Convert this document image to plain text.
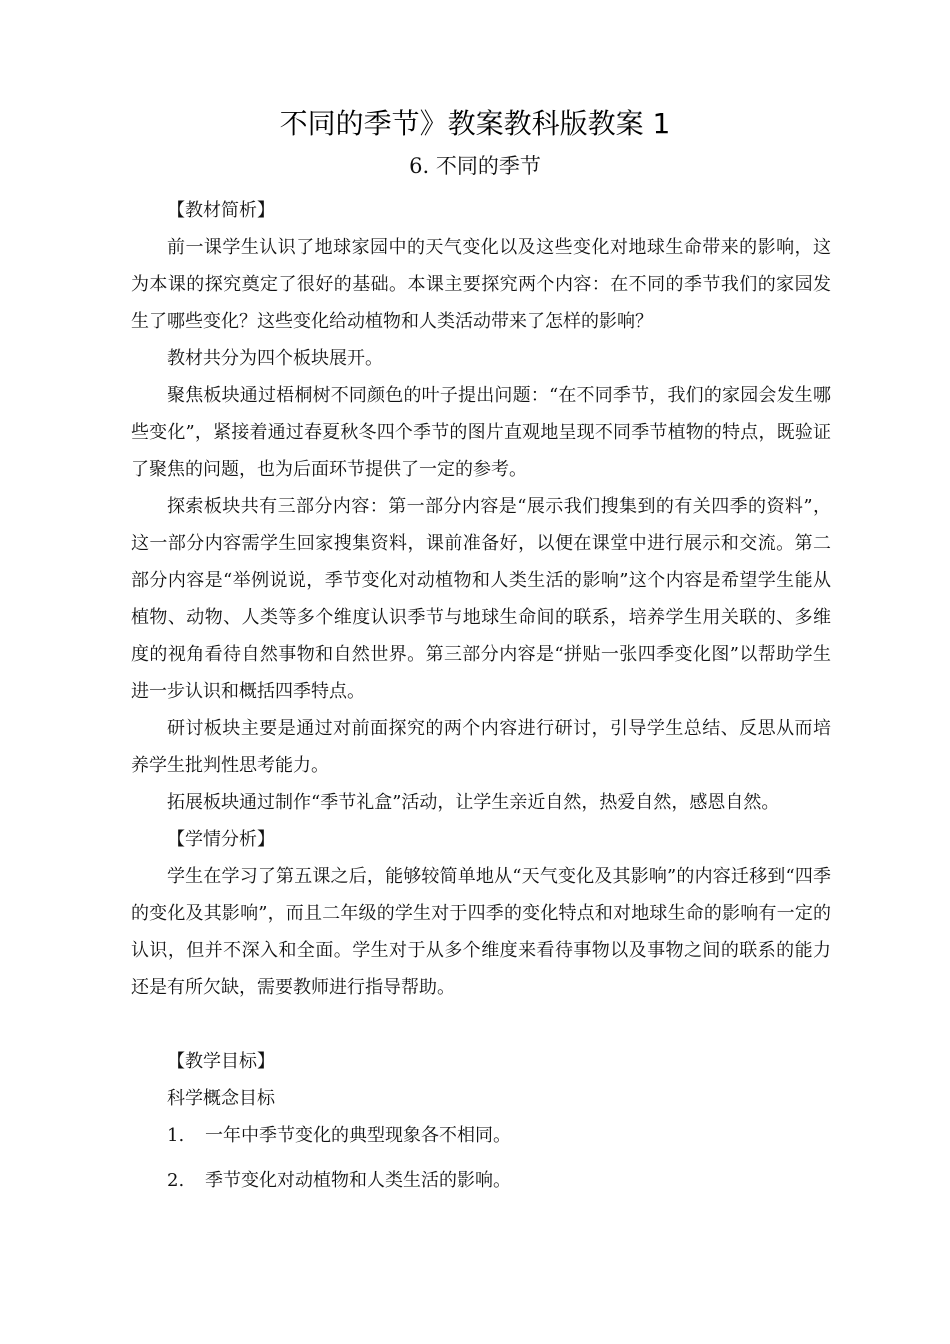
不同的季节》教案教科版教案 1
6. 不同的季节

【教材简析】

前一课学生认识了地球家园中的天气变化以及这些变化对地球生命带来的影响，这为本课的探究奠定了很好的基础。本课主要探究两个内容：在不同的季节我们的家园发生了哪些变化？这些变化给动植物和人类活动带来了怎样的影响？

教材共分为四个板块展开。

聚焦板块通过梧桐树不同颜色的叶子提出问题：“在不同季节，我们的家园会发生哪些变化”，紧接着通过春夏秋冬四个季节的图片直观地呈现不同季节植物的特点，既验证了聚焦的问题，也为后面环节提供了一定的参考。

探索板块共有三部分内容：第一部分内容是“展示我们搜集到的有关四季的资料”，这一部分内容需学生回家搜集资料，课前准备好，以便在课堂中进行展示和交流。第二部分内容是“举例说说，季节变化对动植物和人类生活的影响”这个内容是希望学生能从植物、动物、人类等多个维度认识季节与地球生命间的联系，培养学生用关联的、多维度的视角看待自然事物和自然世界。第三部分内容是“拼贴一张四季变化图”以帮助学生进一步认识和概括四季特点。

研讨板块主要是通过对前面探究的两个内容进行研讨，引导学生总结、反思从而培养学生批判性思考能力。

拓展板块通过制作“季节礼盒”活动，让学生亲近自然，热爱自然，感恩自然。

【学情分析】

学生在学习了第五课之后，能够较简单地从“天气变化及其影响”的内容迁移到“四季的变化及其影响”，而且二年级的学生对于四季的变化特点和对地球生命的影响有一定的认识，但并不深入和全面。学生对于从多个维度来看待事物以及事物之间的联系的能力还是有所欠缺，需要教师进行指导帮助。

【教学目标】

科学概念目标

1. 一年中季节变化的典型现象各不相同。

2. 季节变化对动植物和人类生活的影响。
